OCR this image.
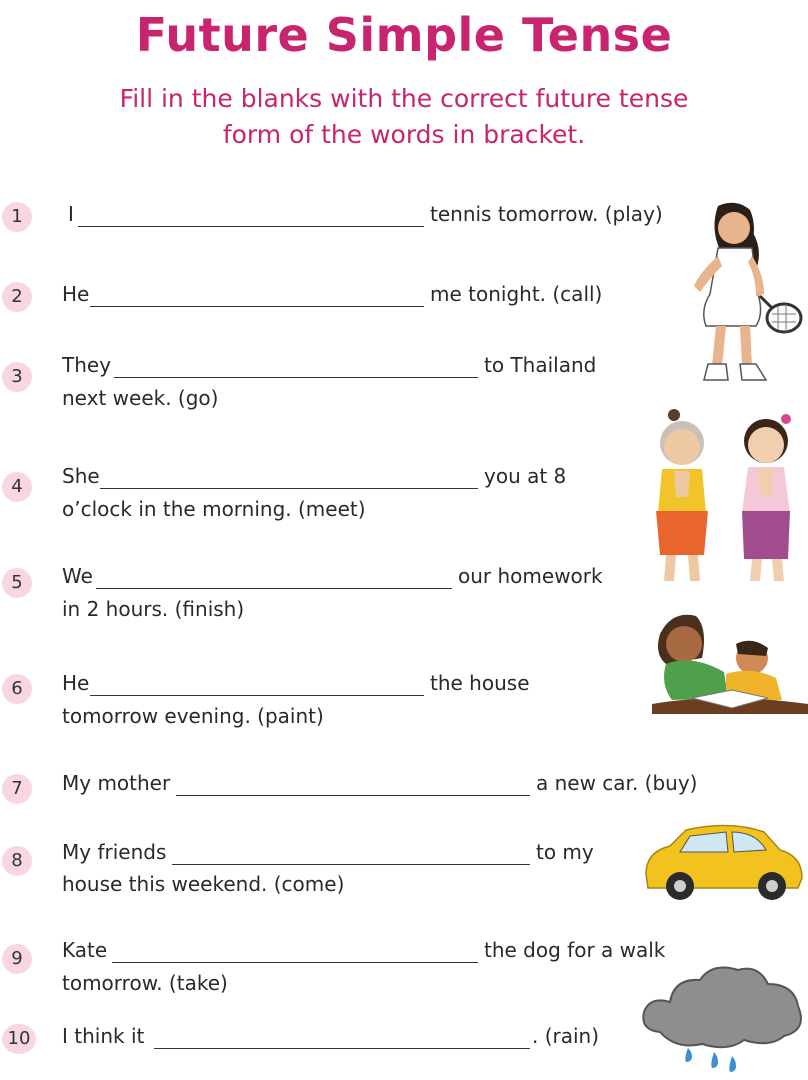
Future Simple Tense
Fill in the blanks with the correct future tense
form of the words in bracket.
1	I	tennis tomorrow. (play)
2	He	me tonight. (call)
3	They	to Thailand
next week. (go)
4	She	you at 8
o’clock in the morning. (meet)
5	We	our homework
in 2 hours. (finish)
6	He	the house
tomorrow evening. (paint)
7	My mother	a new car. (buy)
8	My friends	to my
house this weekend. (come)
9	Kate	the dog for a walk
tomorrow. (take)
10 I think it	. (rain)
